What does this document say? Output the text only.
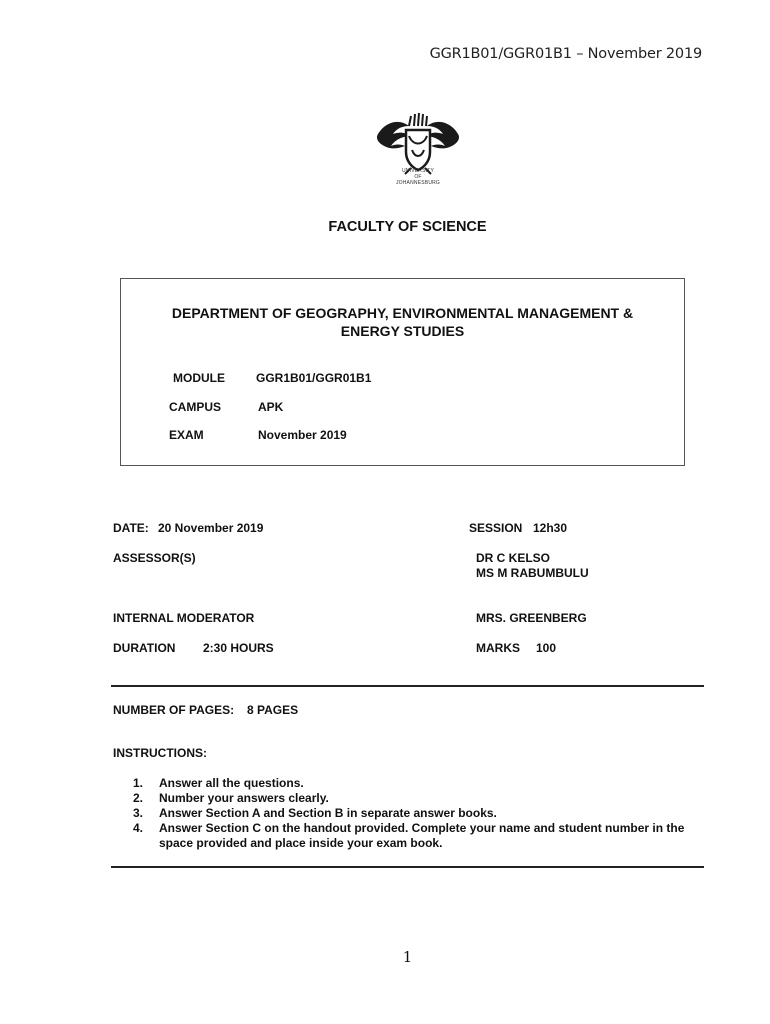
GGR1B01/GGR01B1 – November 2019
UNIVERSITY
OF
JOHANNESBURG
FACULTY OF SCIENCE
DEPARTMENT OF GEOGRAPHY, ENVIRONMENTAL MANAGEMENT &
ENERGY STUDIES
MODULE	GGR1B01/GGR01B1
CAMPUS	APK
EXAM	November 2019
DATE: 20 November 2019	SESSION 12h30
ASSESSOR(S)	DR C KELSO
MS M RABUMBULU
INTERNAL MODERATOR	MRS. GREENBERG
DURATION 2:30 HOURS	MARKS 100
NUMBER OF PAGES: 8 PAGES
INSTRUCTIONS:
1. Answer all the questions.
2. Number your answers clearly.
3. Answer Section A and Section B in separate answer books.
4. Answer Section C on the handout provided. Complete your name and student number in the space provided and place inside your exam book.
1
